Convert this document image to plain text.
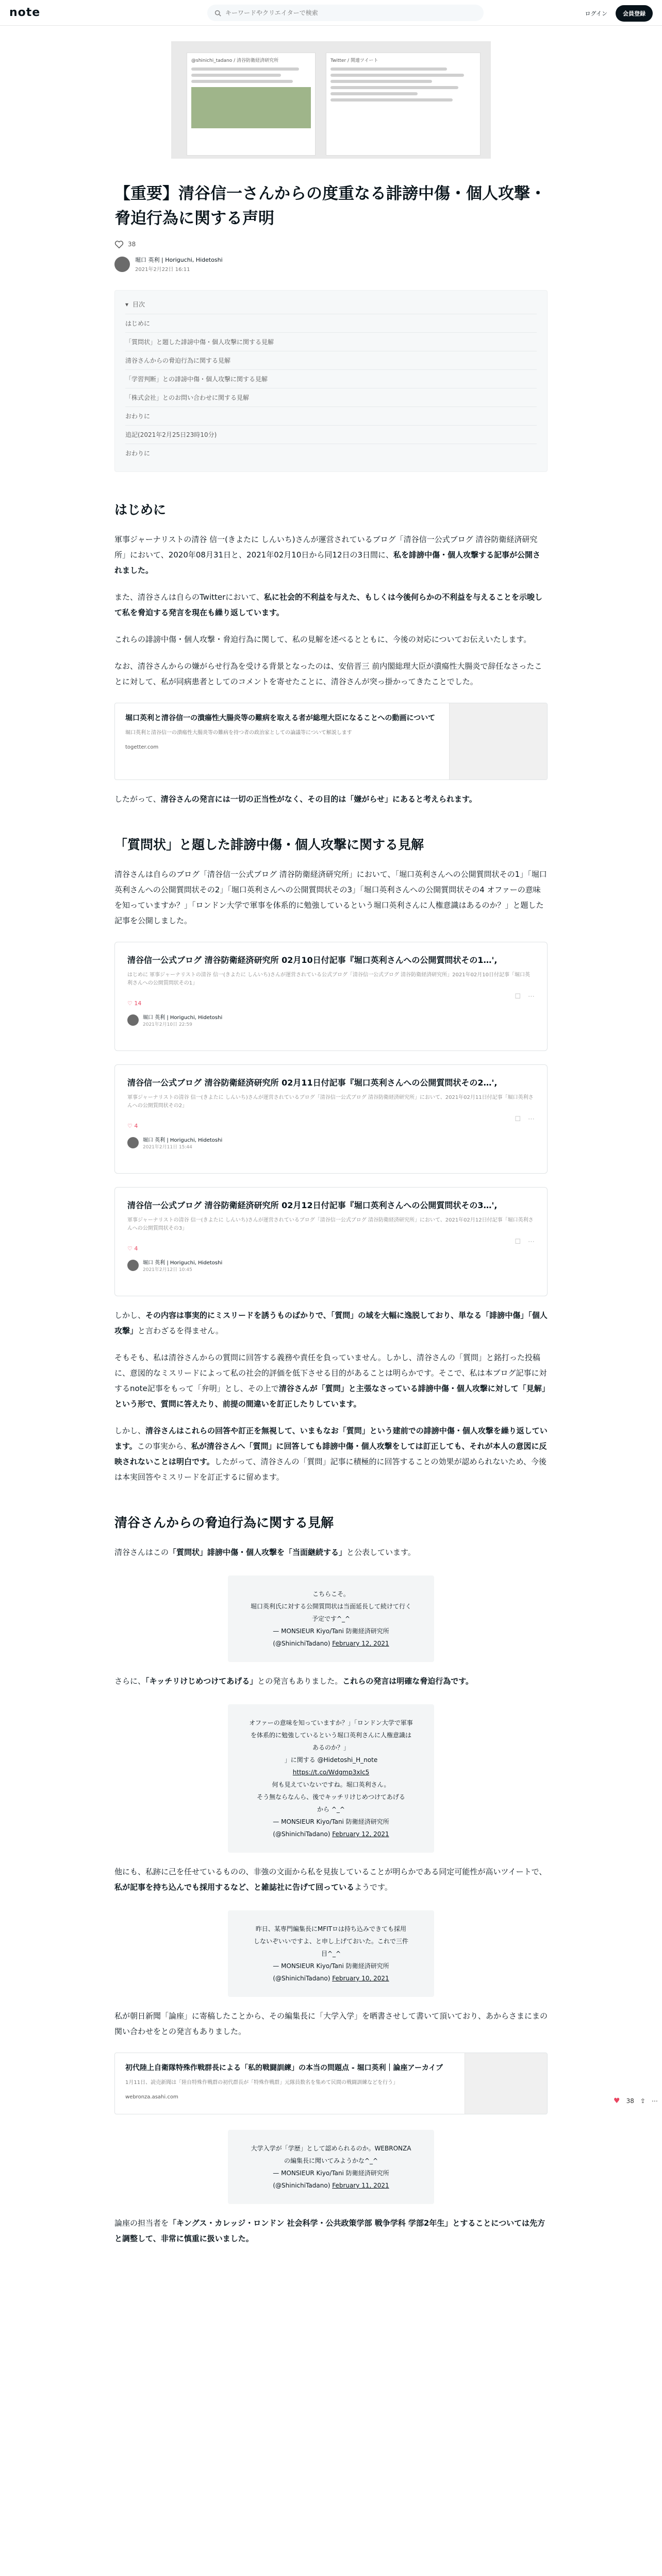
note
キーワードやクリエイターで検索	ログイン	会員登録
@shinichi_tadano / 清谷防衛経済研究所	Twitter / 関連ツイート
【重要】清谷信一さんからの度重なる誹謗中傷・個人攻撃・脅迫行為に関する声明
38
堀口 英利 | Horiguchi, Hidetoshi
2021年2月22日 16:11
▾ 目次
はじめに
「質問状」と題した誹謗中傷・個人攻撃に関する見解
清谷さんからの脅迫行為に関する見解
「学習判断」との誹謗中傷・個人攻撃に関する見解
「株式会社」とのお問い合わせに関する見解
おわりに
追記(2021年2月25日23時10分)
おわりに
はじめに

軍事ジャーナリストの清谷 信一(きよたに しんいち)さんが運営されているブログ「清谷信一公式ブログ 清谷防衛経済研究所」において、2020年08月31日と、2021年02月10日から同12日の3日間に、私を誹謗中傷・個人攻撃する記事が公開されました。

また、清谷さんは自らのTwitterにおいて、私に社会的不利益を与えた、もしくは今後何らかの不利益を与えることを示唆して私を脅迫する発言を現在も繰り返しています。

これらの誹謗中傷・個人攻撃・脅迫行為に関して、私の見解を述べるとともに、今後の対応についてお伝えいたします。

なお、清谷さんからの嫌がらせ行為を受ける背景となったのは、安倍晋三 前内閣総理大臣が潰瘍性大腸炎で辞任なさったことに対して、私が同病患者としてのコメントを寄せたことに、清谷さんが突っ掛かってきたことでした。

堀口英利と清谷信一の潰瘍性大腸炎等の難病を取える者が総理大臣になることへの動画について
堀口英利と清谷信一の潰瘍性大腸炎等の難病を持つ者の政治家としての論議等について解説します
togetter.com

したがって、清谷さんの発言には一切の正当性がなく、その目的は「嫌がらせ」にあると考えられます。

「質問状」と題した誹謗中傷・個人攻撃に関する見解

清谷さんは自らのブログ「清谷信一公式ブログ 清谷防衛経済研究所」において、「堀口英利さんへの公開質問状その1」「堀口英利さんへの公開質問状その2」「堀口英利さんへの公開質問状その3」「堀口英利さんへの公開質問状その4 オファーの意味を知っていますか？」「ロンドン大学で軍事を体系的に勉強しているという堀口英利さんに人権意識はあるのか？」と題した記事を公開しました。

清谷信一公式ブログ 清谷防衛経済研究所 02月10日付記事『堀口英利さんへの公開質問状その1…',
はじめに 軍事ジャーナリストの清谷 信一(きよたに しんいち)さんが運営されている公式ブログ「清谷信一公式ブログ 清谷防衛経済研究所」2021年02月10日付記事「堀口英利さんへの公開質問状その1」
♡ 14
堀口 英利 | Horiguchi, Hidetoshi
2021年2月10日 22:59
☐ ⋯
清谷信一公式ブログ 清谷防衛経済研究所 02月11日付記事『堀口英利さんへの公開質問状その2…',
軍事ジャーナリストの清谷 信一(きよたに しんいち)さんが運営されているブログ「清谷信一公式ブログ 清谷防衛経済研究所」において、2021年02月11日付記事「堀口英利さんへの公開質問状その2」
♡ 4
堀口 英利 | Horiguchi, Hidetoshi
2021年2月11日 15:44
☐ ⋯
清谷信一公式ブログ 清谷防衛経済研究所 02月12日付記事『堀口英利さんへの公開質問状その3…',
軍事ジャーナリストの清谷 信一(きよたに しんいち)さんが運営されているブログ「清谷信一公式ブログ 清谷防衛経済研究所」において、2021年02月12日付記事「堀口英利さんへの公開質問状その3」
♡ 4
堀口 英利 | Horiguchi, Hidetoshi
2021年2月12日 10:45
☐ ⋯

しかし、その内容は事実的にミスリードを誘うものばかりで、「質問」の域を大幅に逸脱しており、単なる「誹謗中傷」「個人攻撃」と言わざるを得ません。

そもそも、私は清谷さんからの質問に回答する義務や責任を負っていません。しかし、清谷さんの「質問」と銘打った投稿に、意図的なミスリードによって私の社会的評価を低下させる目的があることは明らかです。そこで、私は本ブログ記事に対するnote記事をもって「弁明」とし、その上で清谷さんが「質問」と主張なさっている誹謗中傷・個人攻撃に対して「見解」という形で、質問に答えたり、前提の間違いを訂正したりしています。

しかし、清谷さんはこれらの回答や訂正を無視して、いまもなお「質問」という建前での誹謗中傷・個人攻撃を繰り返しています。この事実から、私が清谷さんへ「質問」に回答しても誹謗中傷・個人攻撃をしては訂正しても、それが本人の意図に反映されないことは明白です。したがって、清谷さんの「質問」記事に積極的に回答することの効果が認められないため、今後は本実回答やミスリードを訂正するに留めます。

清谷さんからの脅迫行為に関する見解

清谷さんはこの「質問状」誹謗中傷・個人攻撃を「当面継続する」と公表しています。

こちらこそ。
堀口英利氏に対する公開質問状は当面延長して続けて行く
予定です^_^
— MONSIEUR Kiyo/Tani 防衛経済研究所
(@ShinichiTadano) February 12, 2021

さらに、「キッチリけじめつけてあげる」との発言もありました。これらの発言は明確な脅迫行為です。

オファーの意味を知っていますか？」「ロンドン大学で軍事
を体系的に勉強しているという堀口英利さんに人権意識は
あるのか？」
」に関する @Hidetoshi_H_note
https://t.co/Wdgmp3xIc5
何も見えていないですね。堀口英利さん。
そう無ならなんら、後でキッチリけじめつけてあげる
から ^_^
— MONSIEUR Kiyo/Tani 防衛経済研究所
(@ShinichiTadano) February 12, 2021

他にも、私跡に己を任せているものの、非強の文面から私を見抜していることが明らかである同定可能性が高いツイートで、私が記事を持ち込んでも採用するなど、と雑誌社に告げて回っているようです。

昨日、某専門編集長にMFITロは持ち込みできても採用
しないぞいいですよ、と申し上げておいた。これで三件
目^_^
— MONSIEUR Kiyo/Tani 防衛経済研究所
(@ShinichiTadano) February 10, 2021

私が朝日新聞「論座」に寄稿したことから、その編集長に「大学入学」を晒書させして書いて頂いており、あからさまにまの関い合わせをとの発言もありました。

初代陸上自衛隊特殊作戦群長による「私的戦闘訓練」の本当の問題点 - 堀口英利｜論座アーカイブ
1月11日、読売新聞は「陸自特殊作戦群の初代群長が「特殊作戦群」元隊員数名を集めて民間の戦闘訓練などを行う」
webronza.asahi.com
大学入学が「学歴」として認められるのか。WEBRONZA
の編集長に聞いてみようかな^_^
— MONSIEUR Kiyo/Tani 防衛経済研究所
(@ShinichiTadano) February 11, 2021

論座の担当者を「キングス・カレッジ・ロンドン 社会科学・公共政策学部 戦争学科 学部2年生」とすることについては先方と調整して、非常に慎重に扱いました。

♥ 38 ⇪ ⋯
